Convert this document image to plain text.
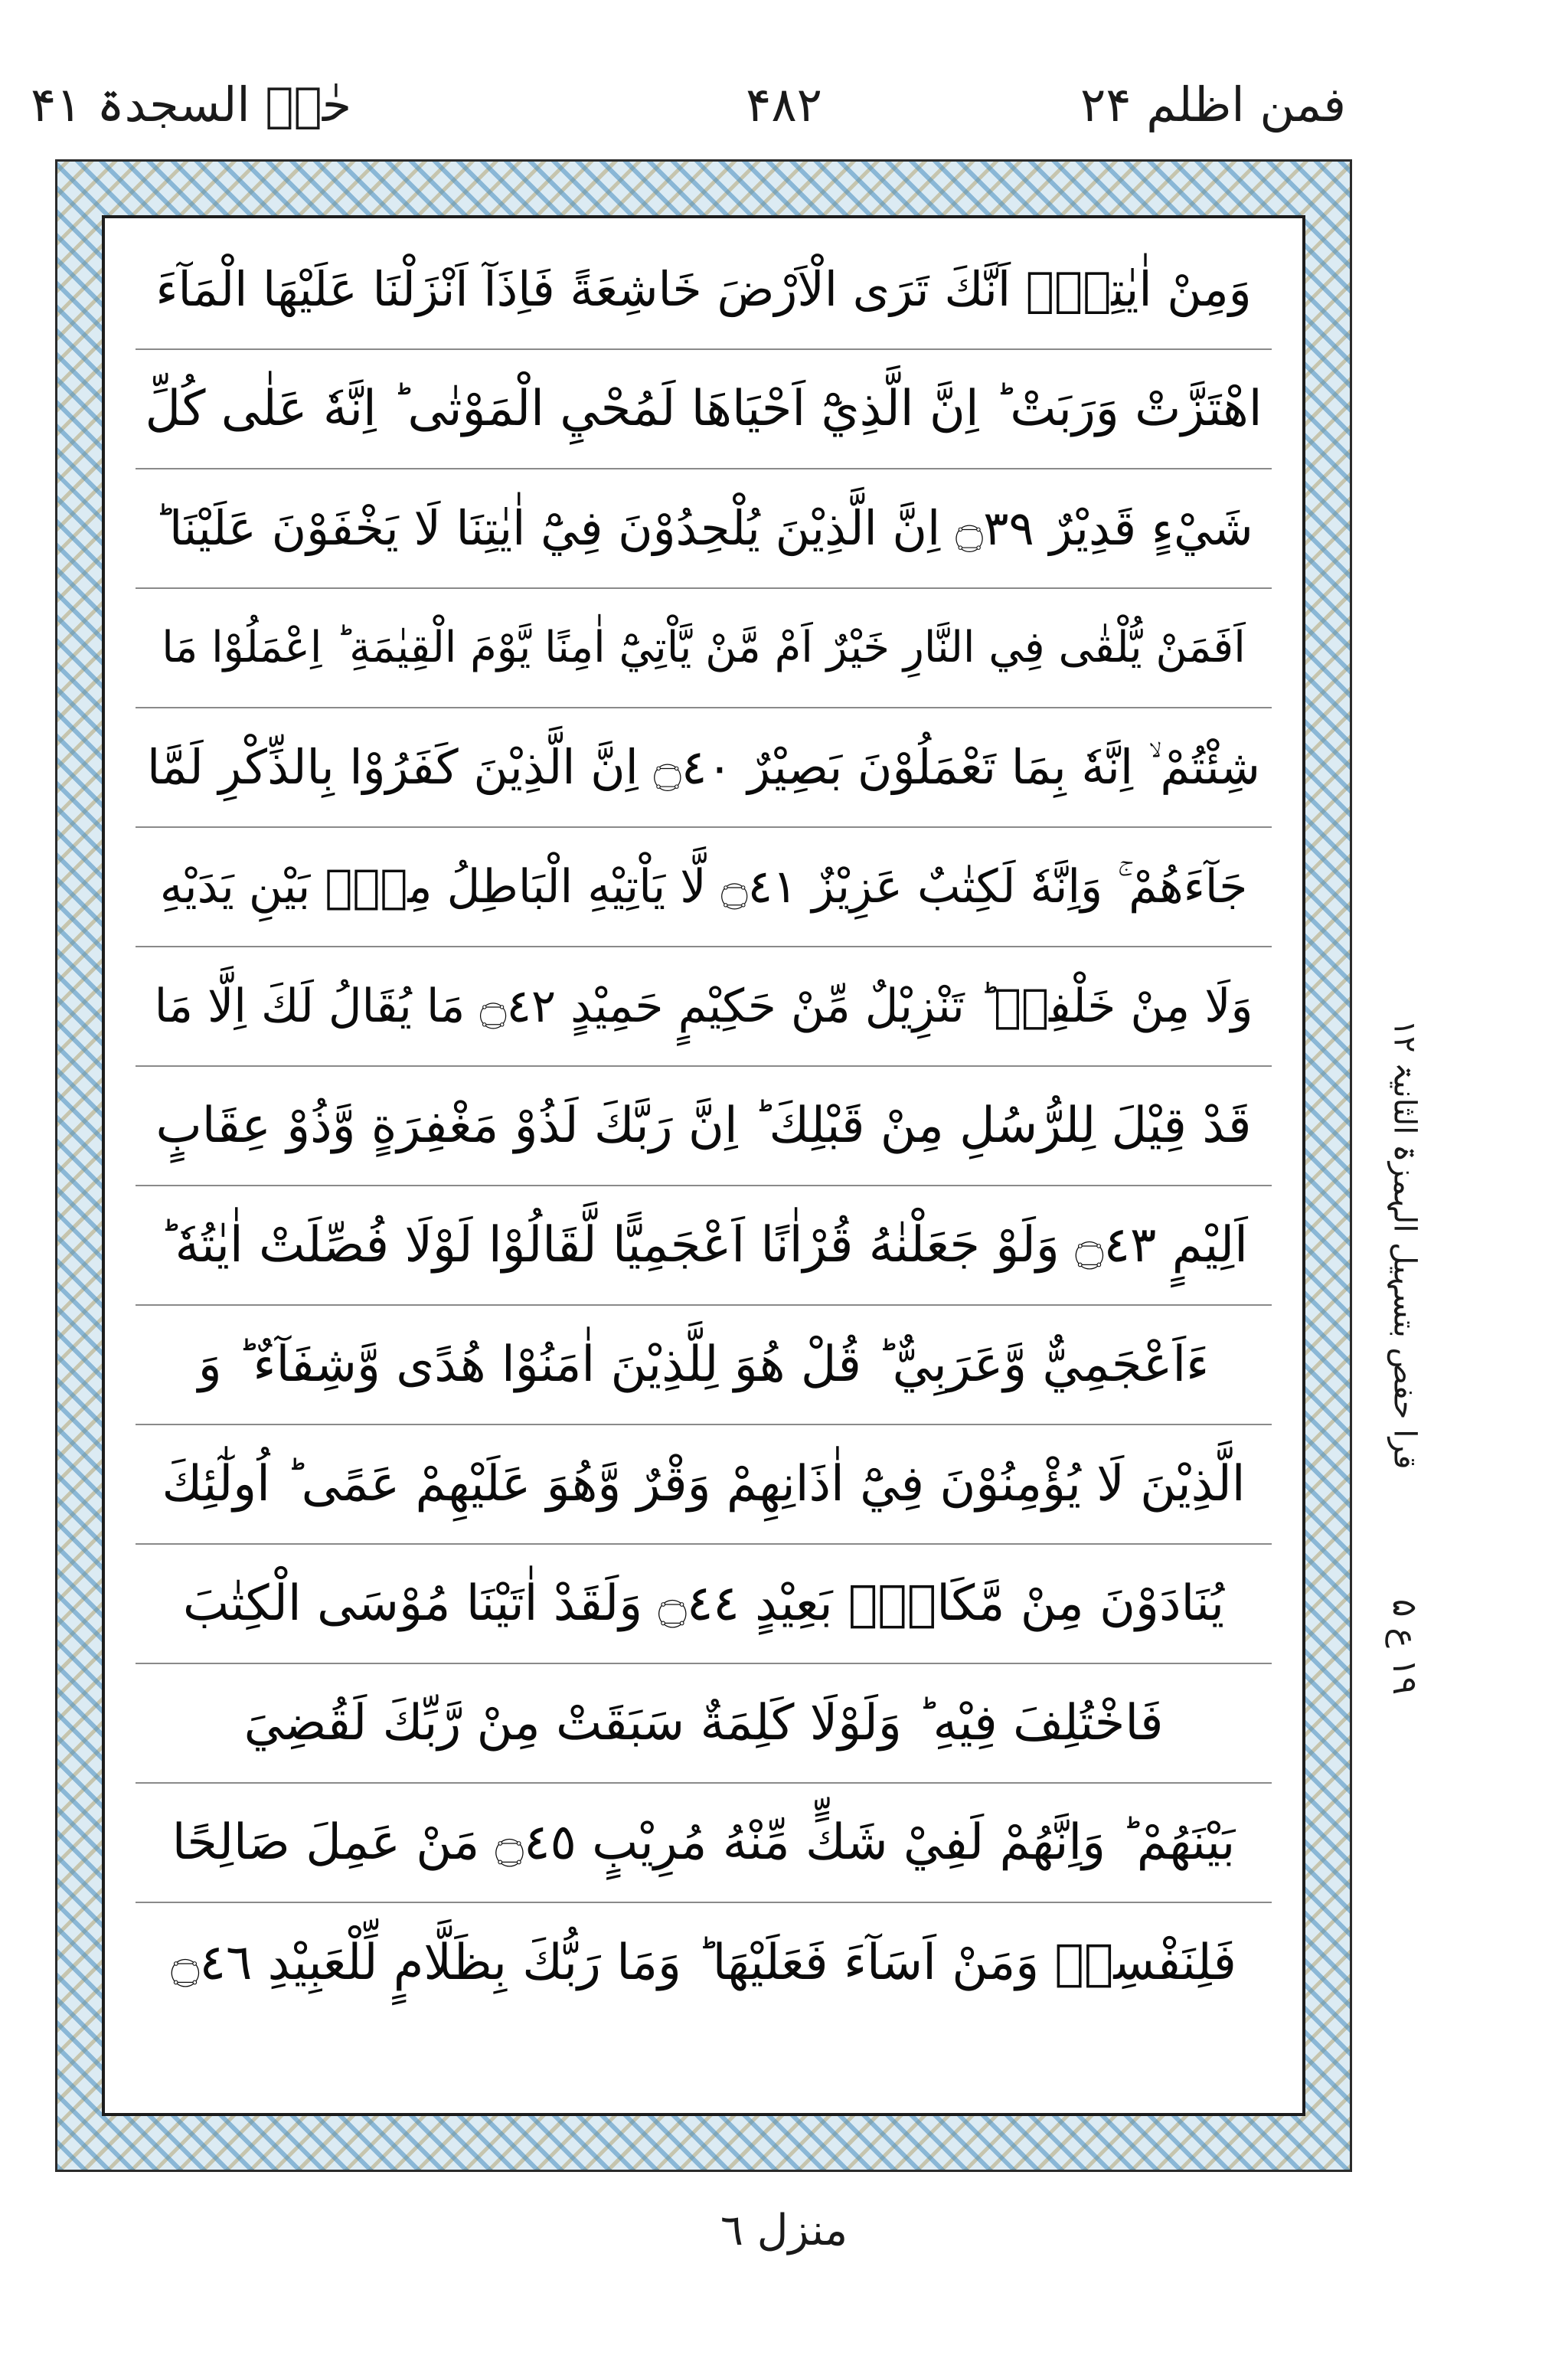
فمن اظلم ۲۴
۴۸۲
حٰمۤ السجدۃ ۴۱
وَمِنْ اٰيٰتِهٖٓ اَنَّكَ تَرَى الْاَرْضَ خَاشِعَةً فَاِذَآ اَنْزَلْنَا عَلَيْهَا الْمَآءَ
اهْتَزَّتْ وَرَبَتْ ؕ اِنَّ الَّذِيْٓ اَحْيَاهَا لَمُحْيِ الْمَوْتٰى ؕ اِنَّهٗ عَلٰى كُلِّ
شَيْءٍ قَدِيْرٌ ۝٣٩ اِنَّ الَّذِيْنَ يُلْحِدُوْنَ فِيْٓ اٰيٰتِنَا لَا يَخْفَوْنَ عَلَيْنَا ؕ
اَفَمَنْ يُّلْقٰى فِي النَّارِ خَيْرٌ اَمْ مَّنْ يَّاْتِيْٓ اٰمِنًا يَّوْمَ الْقِيٰمَةِ ؕ اِعْمَلُوْا مَا
شِئْتُمْ ۙ اِنَّهٗ بِمَا تَعْمَلُوْنَ بَصِيْرٌ ۝٤٠ اِنَّ الَّذِيْنَ كَفَرُوْا بِالذِّكْرِ لَمَّا
جَآءَهُمْ ۚ وَاِنَّهٗ لَكِتٰبٌ عَزِيْزٌ ۝٤١ لَّا يَاْتِيْهِ الْبَاطِلُ مِنْۢ بَيْنِ يَدَيْهِ
وَلَا مِنْ خَلْفِهٖ ؕ تَنْزِيْلٌ مِّنْ حَكِيْمٍ حَمِيْدٍ ۝٤٢ مَا يُقَالُ لَكَ اِلَّا مَا
قَدْ قِيْلَ لِلرُّسُلِ مِنْ قَبْلِكَ ؕ اِنَّ رَبَّكَ لَذُوْ مَغْفِرَةٍ وَّذُوْ عِقَابٍ
اَلِيْمٍ ۝٤٣ وَلَوْ جَعَلْنٰهُ قُرْاٰنًا اَعْجَمِيًّا لَّقَالُوْا لَوْلَا فُصِّلَتْ اٰيٰتُهٗ ؕ
ءَاَعْجَمِيٌّ وَّعَرَبِيٌّ ؕ قُلْ هُوَ لِلَّذِيْنَ اٰمَنُوْا هُدًى وَّشِفَآءٌ ؕ وَ
الَّذِيْنَ لَا يُؤْمِنُوْنَ فِيْٓ اٰذَانِهِمْ وَقْرٌ وَّهُوَ عَلَيْهِمْ عَمًى ؕ اُولٰٓئِكَ
يُنَادَوْنَ مِنْ مَّكَانٍۢ بَعِيْدٍ ۝٤٤ وَلَقَدْ اٰتَيْنَا مُوْسَى الْكِتٰبَ
فَاخْتُلِفَ فِيْهِ ؕ وَلَوْلَا كَلِمَةٌ سَبَقَتْ مِنْ رَّبِّكَ لَقُضِيَ
بَيْنَهُمْ ؕ وَاِنَّهُمْ لَفِيْ شَكٍّ مِّنْهُ مُرِيْبٍ ۝٤٥ مَنْ عَمِلَ صَالِحًا
فَلِنَفْسِهٖ وَمَنْ اَسَآءَ فَعَلَيْهَا ؕ وَمَا رَبُّكَ بِظَلَّامٍ لِّلْعَبِيْدِ ۝٤٦
قرا حفص بتسہیل الہمزۃ الثانیۃ ۱۲
۱۹ ع ۵
منزل ٦
